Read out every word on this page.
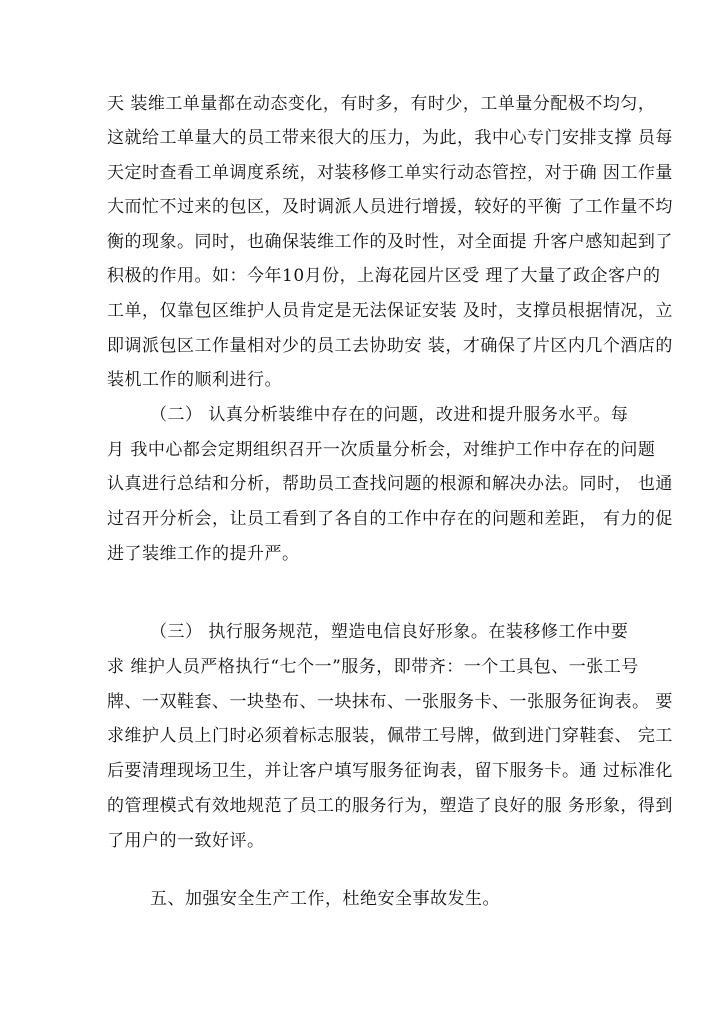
天 装维工单量都在动态变化，有时多，有时少，工单量分配极不均匀，
这就给工单量大的员工带来很大的压力，为此，我中心专门安排支撑 员每
天定时查看工单调度系统，对装移修工单实行动态管控，对于确 因工作量
大而忙不过来的包区，及时调派人员进行增援，较好的平衡 了工作量不均
衡的现象。同时，也确保装维工作的及时性，对全面提 升客户感知起到了
积极的作用。如：今年10月份，上海花园片区受 理了大量了政企客户的
工单，仅靠包区维护人员肯定是无法保证安装 及时，支撑员根据情况，立
即调派包区工作量相对少的员工去协助安 装，才确保了片区内几个酒店的
装机工作的顺利进行。
（二） 认真分析装维中存在的问题，改进和提升服务水平。每
月 我中心都会定期组织召开一次质量分析会，对维护工作中存在的问题
认真进行总结和分析，帮助员工查找问题的根源和解决办法。同时， 也通
过召开分析会，让员工看到了各自的工作中存在的问题和差距， 有力的促
进了装维工作的提升严。
（三） 执行服务规范，塑造电信良好形象。在装移修工作中要
求 维护人员严格执行“七个一”服务，即带齐：一个工具包、一张工号
牌、一双鞋套、一块垫布、一块抹布、一张服务卡、一张服务征询表。 要
求维护人员上门时必须着标志服装，佩带工号牌，做到进门穿鞋套、 完工
后要清理现场卫生，并让客户填写服务征询表，留下服务卡。通 过标准化
的管理模式有效地规范了员工的服务行为，塑造了良好的服 务形象，得到
了用户的一致好评。
五、加强安全生产工作，杜绝安全事故发生。
